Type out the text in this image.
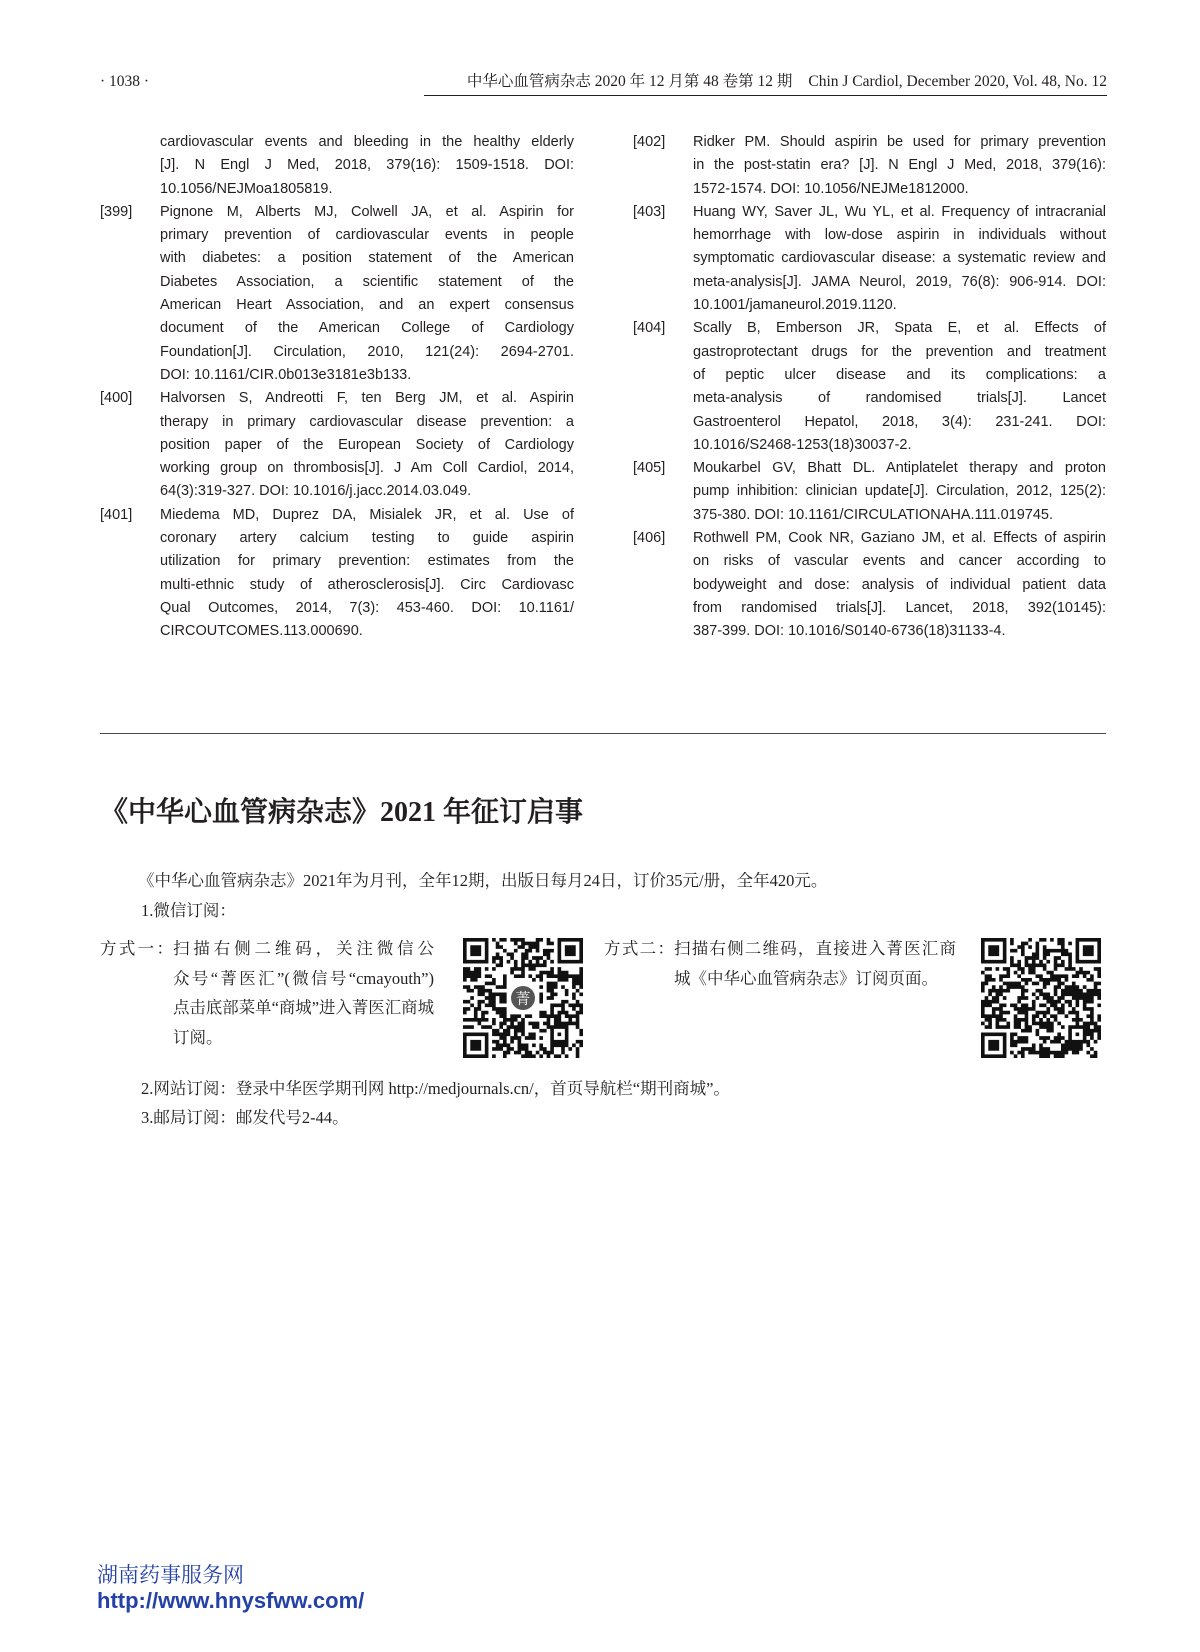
· 1038 ·	中华心血管病杂志 2020 年 12 月第 48 卷第 12 期 Chin J Cardiol, December 2020, Vol. 48, No. 12
cardiovascular events and bleeding in the healthy elderly
[J]. N Engl J Med, 2018, 379(16): 1509-1518. DOI:
10.1056/NEJMoa1805819.
[399] Pignone M, Alberts MJ, Colwell JA, et al. Aspirin for
primary prevention of cardiovascular events in people
with diabetes: a position statement of the American
Diabetes Association, a scientific statement of the
American Heart Association, and an expert consensus
document of the American College of Cardiology
Foundation[J]. Circulation, 2010, 121(24): 2694-2701.
DOI: 10.1161/CIR.0b013e3181e3b133.
[400] Halvorsen S, Andreotti F, ten Berg JM, et al. Aspirin
therapy in primary cardiovascular disease prevention: a
position paper of the European Society of Cardiology
working group on thrombosis[J]. J Am Coll Cardiol, 2014,
64(3):319-327. DOI: 10.1016/j.jacc.2014.03.049.
[401] Miedema MD, Duprez DA, Misialek JR, et al. Use of
coronary artery calcium testing to guide aspirin
utilization for primary prevention: estimates from the
multi-ethnic study of atherosclerosis[J]. Circ Cardiovasc
Qual Outcomes, 2014, 7(3): 453-460. DOI: 10.1161/
CIRCOUTCOMES.113.000690.
[402] Ridker PM. Should aspirin be used for primary prevention
in the post-statin era? [J]. N Engl J Med, 2018, 379(16):
1572-1574. DOI: 10.1056/NEJMe1812000.
[403] Huang WY, Saver JL, Wu YL, et al. Frequency of intracranial
hemorrhage with low-dose aspirin in individuals without
symptomatic cardiovascular disease: a systematic review and
meta-analysis[J]. JAMA Neurol, 2019, 76(8): 906-914. DOI:
10.1001/jamaneurol.2019.1120.
[404] Scally B, Emberson JR, Spata E, et al. Effects of
gastroprotectant drugs for the prevention and treatment
of peptic ulcer disease and its complications: a
meta-analysis of randomised trials[J]. Lancet
Gastroenterol Hepatol, 2018, 3(4): 231-241. DOI:
10.1016/S2468-1253(18)30037-2.
[405] Moukarbel GV, Bhatt DL. Antiplatelet therapy and proton
pump inhibition: clinician update[J]. Circulation, 2012, 125(2):
375-380. DOI: 10.1161/CIRCULATIONAHA.111.019745.
[406] Rothwell PM, Cook NR, Gaziano JM, et al. Effects of aspirin
on risks of vascular events and cancer according to
bodyweight and dose: analysis of individual patient data
from randomised trials[J]. Lancet, 2018, 392(10145):
387-399. DOI: 10.1016/S0140-6736(18)31133-4.
《中华心血管病杂志》2021 年征订启事
《中华心血管病杂志》2021年为月刊，全年12期，出版日每月24日，订价35元/册，全年420元。
1.微信订阅：
方式一： 扫描右侧二维码，关注微信公
众号“菁医汇”(微信号“cmayouth”)
点击底部菜单“商城”进入菁医汇商城
订阅。
菁
方式二： 扫描右侧二维码，直接进入菁医汇商
城《中华心血管病杂志》订阅页面。
2.网站订阅：登录中华医学期刊网 http://medjournals.cn/，首页导航栏“期刊商城”。
3.邮局订阅：邮发代号2-44。
湖南药事服务网
http://www.hnysfww.com/
